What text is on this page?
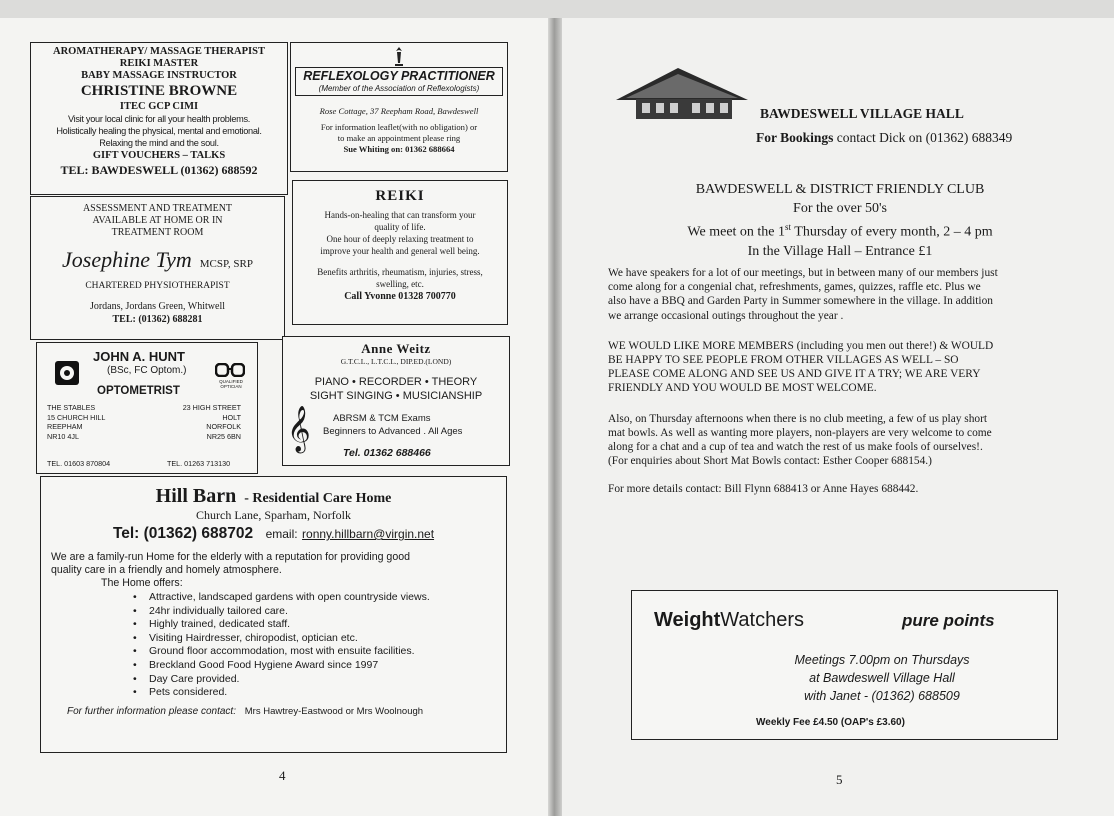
AROMATHERAPY/ MASSAGE THERAPIST
REIKI MASTER
BABY MASSAGE INSTRUCTOR
CHRISTINE BROWNE
ITEC GCP CIMI
Visit your local clinic for all your health problems.
Holistically healing the physical, mental and emotional.
Relaxing the mind and the soul.
GIFT VOUCHERS – TALKS
TEL: BAWDESWELL (01362) 688592
REFLEXOLOGY PRACTITIONER
(Member of the Association of Reflexologists)
Rose Cottage, 37 Reepham Road, Bawdeswell
For information leaflet(with no obligation) or
to make an appointment please ring
Sue Whiting on: 01362 688664
ASSESSMENT AND TREATMENT
AVAILABLE AT HOME OR IN
TREATMENT ROOM
Josephine Tym MCSP, SRP
CHARTERED PHYSIOTHERAPIST
Jordans, Jordans Green, Whitwell
TEL: (01362) 688281
REIKI
Hands-on-healing that can transform your
quality of life.
One hour of deeply relaxing treatment to
improve your health and general well being.
Benefits arthritis, rheumatism, injuries, stress,
swelling, etc.
Call Yvonne 01328 700770
JOHN A. HUNT
(BSc, FC Optom.)
OPTOMETRIST
QUALIFIED OPTICIAN
THE STABLES
15 CHURCH HILL
REEPHAM
NR10 4JL
23 HIGH STREET
HOLT
NORFOLK
NR25 6BN
TEL. 01603 870804	TEL. 01263 713130
Anne Weitz
G.T.C.L., L.T.C.L., DIP.ED.(LOND)
PIANO • RECORDER • THEORY
SIGHT SINGING • MUSICIANSHIP
𝄞 ABRSM & TCM Exams
Beginners to Advanced . All Ages
Tel. 01362 688466
Hill Barn - Residential Care Home
Church Lane, Sparham, Norfolk
Tel: (01362) 688702 email: ronny.hillbarn@virgin.net
We are a family-run Home for the elderly with a reputation for providing good
quality care in a friendly and homely atmosphere.
The Home offers:
• Attractive, landscaped gardens with open countryside views.
• 24hr individually tailored care.
• Highly trained, dedicated staff.
• Visiting Hairdresser, chiropodist, optician etc.
• Ground floor accommodation, most with ensuite facilities.
• Breckland Good Food Hygiene Award since 1997
• Day Care provided.
• Pets considered.
For further information please contact: Mrs Hawtrey-Eastwood or Mrs Woolnough
4
BAWDESWELL VILLAGE HALL
For Bookings contact Dick on (01362) 688349
BAWDESWELL & DISTRICT FRIENDLY CLUB
For the over 50's
We meet on the 1st Thursday of every month, 2 – 4 pm
In the Village Hall – Entrance £1

We have speakers for a lot of our meetings, but in between many of our members just
come along for a congenial chat, refreshments, games, quizzes, raffle etc. Plus we
also have a BBQ and Garden Party in Summer somewhere in the village. In addition
we arrange occasional outings throughout the year .

WE WOULD LIKE MORE MEMBERS (including you men out there!) & WOULD
BE HAPPY TO SEE PEOPLE FROM OTHER VILLAGES AS WELL – SO
PLEASE COME ALONG AND SEE US AND GIVE IT A TRY; WE ARE VERY
FRIENDLY AND YOU WOULD BE MOST WELCOME.

Also, on Thursday afternoons when there is no club meeting, a few of us play short
mat bowls. As well as wanting more players, non-players are very welcome to come
along for a chat and a cup of tea and watch the rest of us make fools of ourselves!.
(For enquiries about Short Mat Bowls contact: Esther Cooper 688154.)

For more details contact: Bill Flynn 688413 or Anne Hayes 688442.

WeightWatchers	pure points
Meetings 7.00pm on Thursdays
at Bawdeswell Village Hall
with Janet - (01362) 688509
Weekly Fee £4.50 (OAP's £3.60)
5
